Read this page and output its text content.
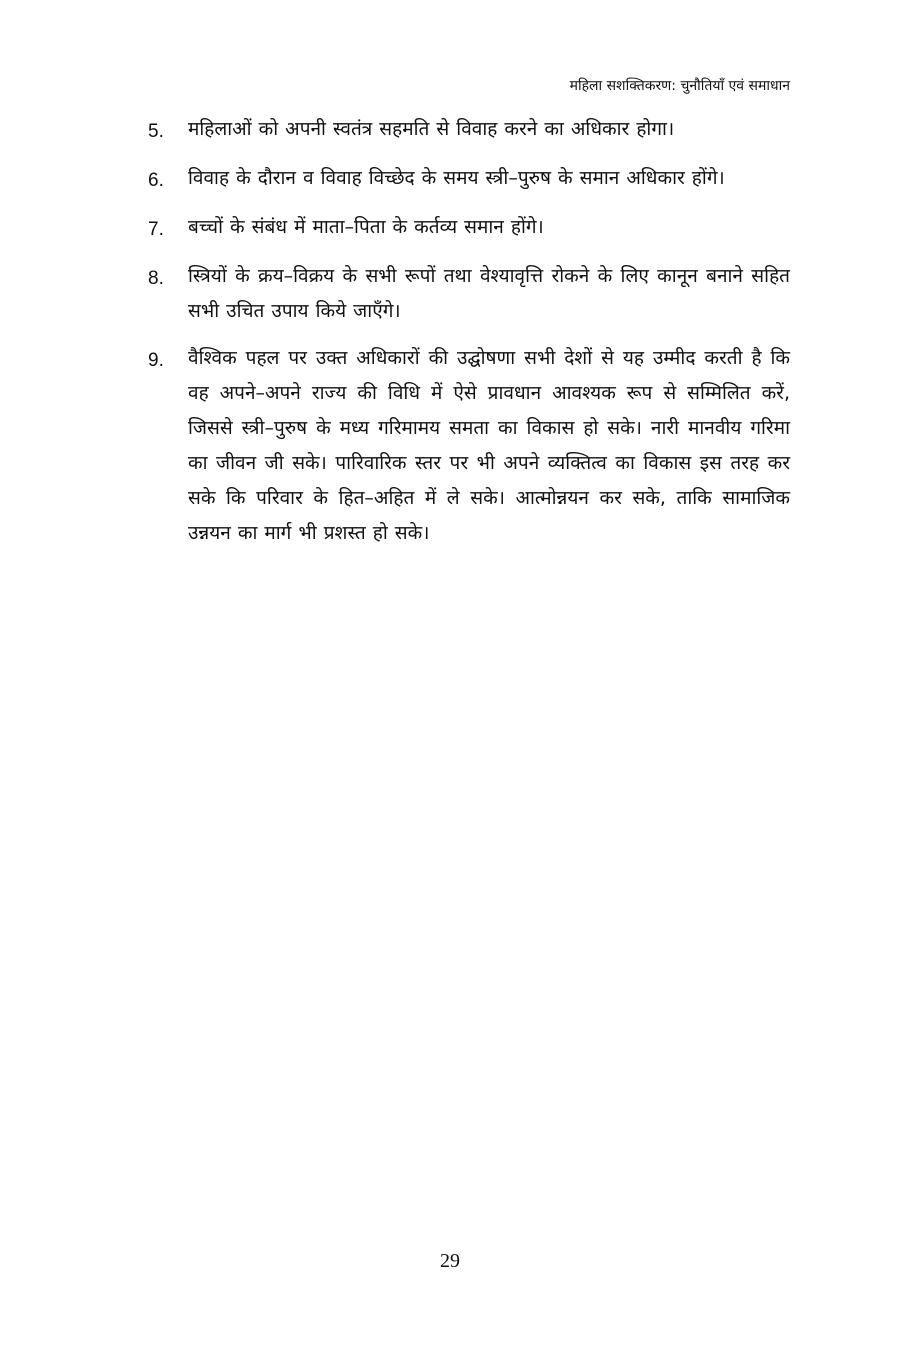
महिला सशक्तिकरण: चुनौतियाँ एवं समाधान
5.	महिलाओं को अपनी स्वतंत्र सहमति से विवाह करने का अधिकार होगा।
6.	विवाह के दौरान व विवाह विच्छेद के समय स्त्री–पुरुष के समान अधिकार होंगे।
7.	बच्चों के संबंध में माता–पिता के कर्तव्य समान होंगे।
8.	स्त्रियों के क्रय–विक्रय के सभी रूपों तथा वेश्यावृत्ति रोकने के लिए कानून बनाने सहित सभी उचित उपाय किये जाएँगे।
9.	वैश्विक पहल पर उक्त अधिकारों की उद्घोषणा सभी देशों से यह उम्मीद करती है कि वह अपने–अपने राज्य की विधि में ऐसे प्रावधान आवश्यक रूप से सम्मिलित करें, जिससे स्त्री–पुरुष के मध्य गरिमामय समता का विकास हो सके। नारी मानवीय गरिमा का जीवन जी सके। पारिवारिक स्तर पर भी अपने व्यक्तित्व का विकास इस तरह कर सके कि परिवार के हित–अहित में ले सके। आत्मोन्नयन कर सके, ताकि सामाजिक उन्नयन का मार्ग भी प्रशस्त हो सके।
29
